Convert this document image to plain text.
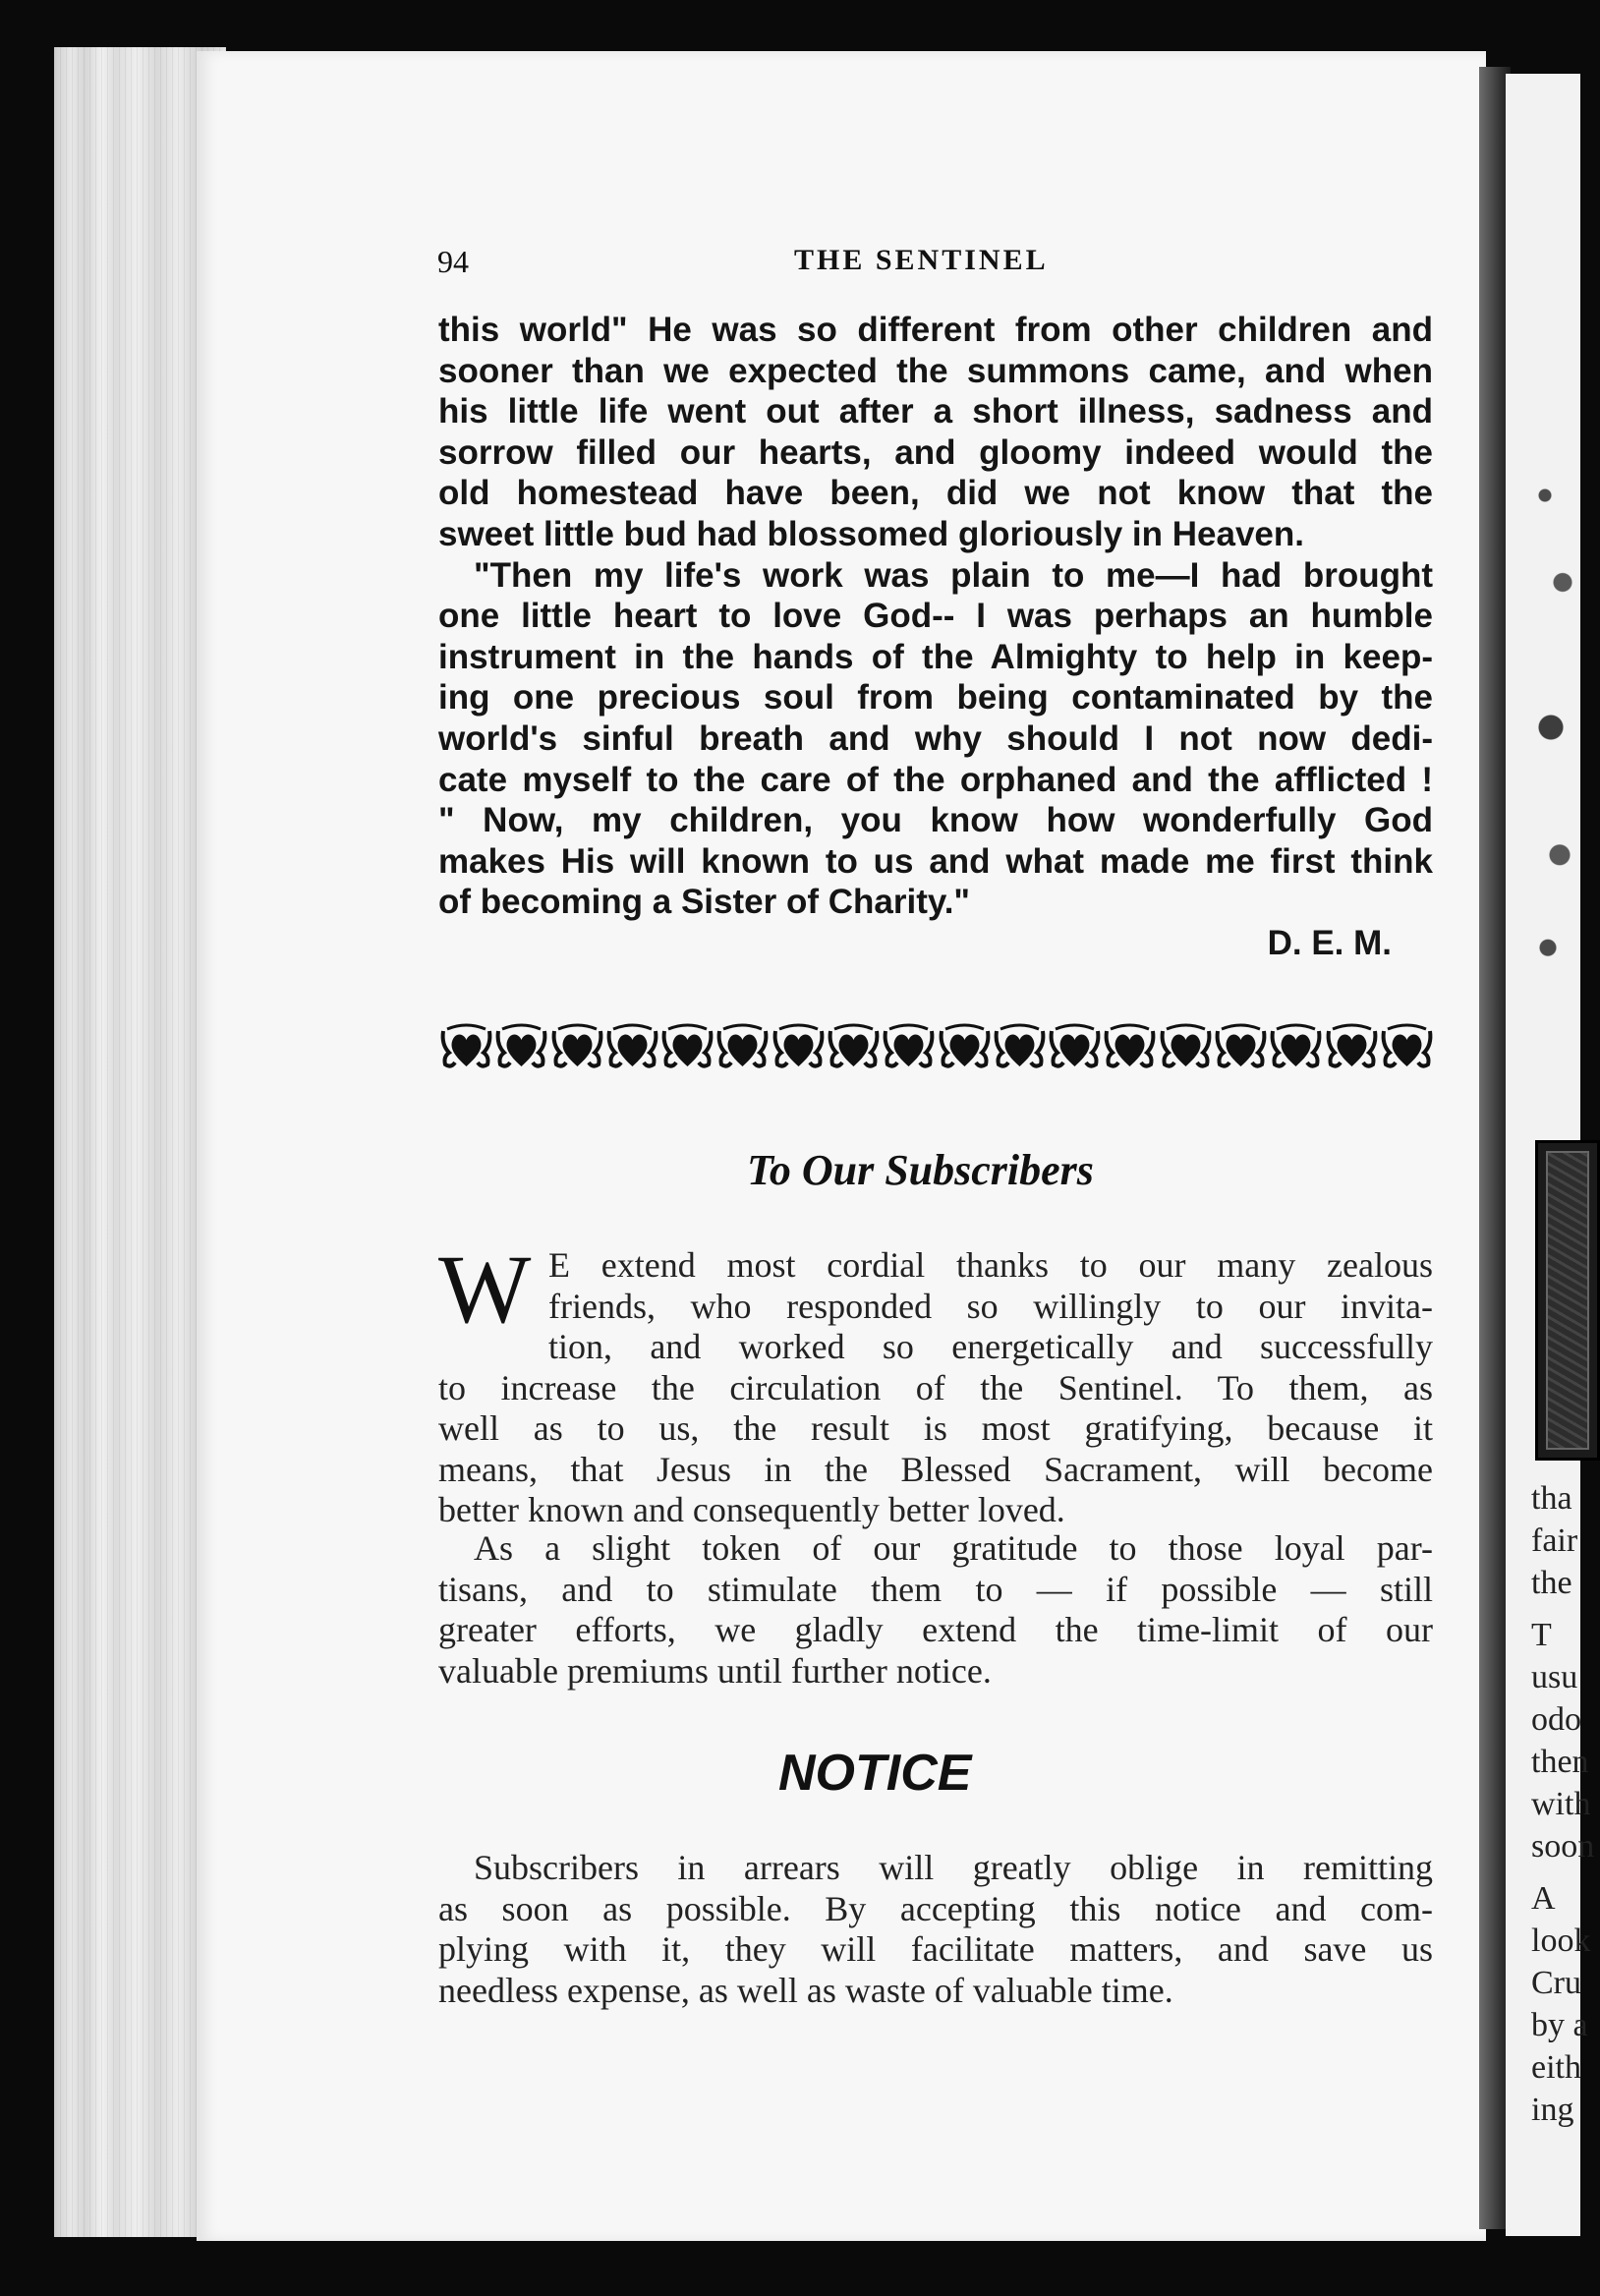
tha
fair
the
T
usu
odo
then
with
soon
A
look
Cru
by a
eith
ing
94	THE SENTINEL
this world" He was so different from other children and
sooner than we expected the summons came, and when
his little life went out after a short illness, sadness and
sorrow filled our hearts, and gloomy indeed would the
old homestead have been, did we not know that the
sweet little bud had blossomed gloriously in Heaven.
"Then my life's work was plain to me—I had brought
one little heart to love God-- I was perhaps an humble
instrument in the hands of the Almighty to help in keep-
ing one precious soul from being contaminated by the
world's sinful breath and why should I not now dedi-
cate myself to the care of the orphaned and the afflicted !
" Now, my children, you know how wonderfully God
makes His will known to us and what made me first think
of becoming a Sister of Charity."
D. E. M.
To Our Subscribers
W E extend most cordial thanks to our many zealous
friends, who responded so willingly to our invita-
tion, and worked so energetically and successfully
to increase the circulation of the Sentinel. To them, as
well as to us, the result is most gratifying, because it
means, that Jesus in the Blessed Sacrament, will become
better known and consequently better loved.
As a slight token of our gratitude to those loyal par-
tisans, and to stimulate them to — if possible — still
greater efforts, we gladly extend the time-limit of our
valuable premiums until further notice.
NOTICE
Subscribers in arrears will greatly oblige in remitting
as soon as possible. By accepting this notice and com-
plying with it, they will facilitate matters, and save us
needless expense, as well as waste of valuable time.
